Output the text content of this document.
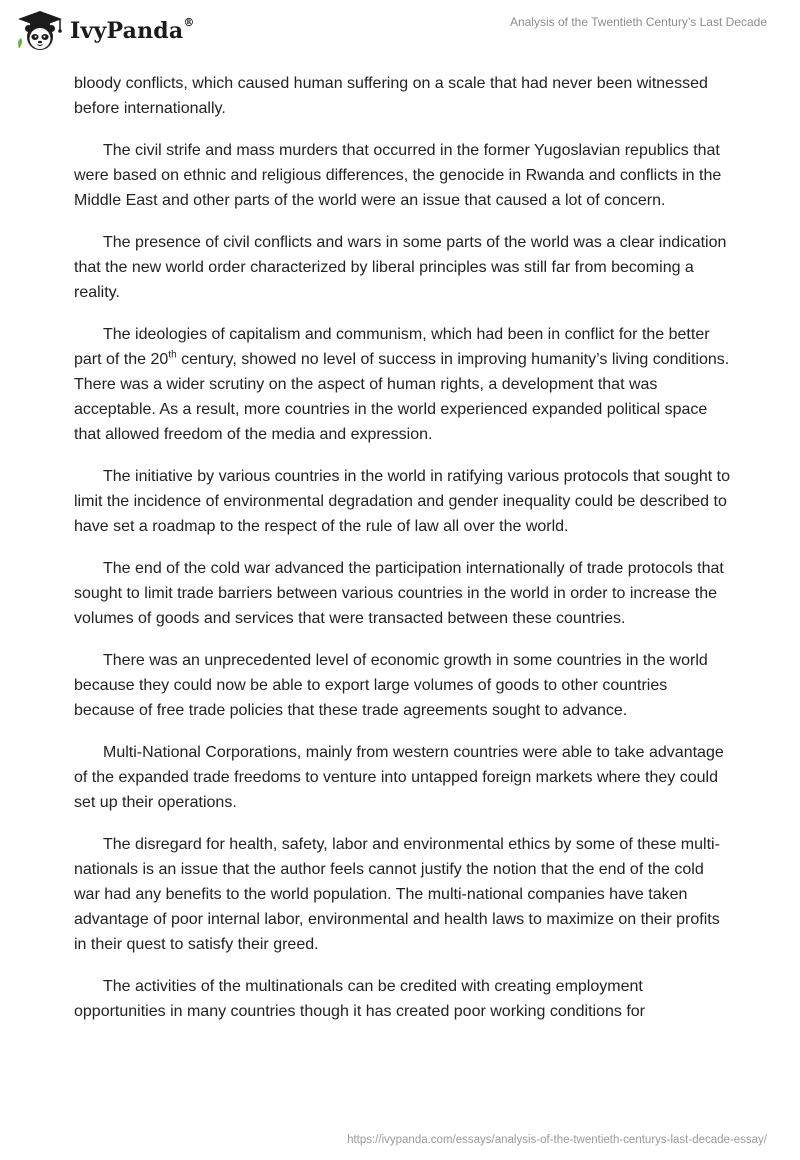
IvyPanda®	Analysis of the Twentieth Century’s Last Decade

bloody conflicts, which caused human suffering on a scale that had never been witnessed before internationally.

The civil strife and mass murders that occurred in the former Yugoslavian republics that were based on ethnic and religious differences, the genocide in Rwanda and conflicts in the Middle East and other parts of the world were an issue that caused a lot of concern.

The presence of civil conflicts and wars in some parts of the world was a clear indication that the new world order characterized by liberal principles was still far from becoming a reality.

The ideologies of capitalism and communism, which had been in conflict for the better part of the 20th century, showed no level of success in improving humanity’s living conditions. There was a wider scrutiny on the aspect of human rights, a development that was acceptable. As a result, more countries in the world experienced expanded political space that allowed freedom of the media and expression.

The initiative by various countries in the world in ratifying various protocols that sought to limit the incidence of environmental degradation and gender inequality could be described to have set a roadmap to the respect of the rule of law all over the world.

The end of the cold war advanced the participation internationally of trade protocols that sought to limit trade barriers between various countries in the world in order to increase the volumes of goods and services that were transacted between these countries.

There was an unprecedented level of economic growth in some countries in the world because they could now be able to export large volumes of goods to other countries because of free trade policies that these trade agreements sought to advance.

Multi-National Corporations, mainly from western countries were able to take advantage of the expanded trade freedoms to venture into untapped foreign markets where they could set up their operations.

The disregard for health, safety, labor and environmental ethics by some of these multi-nationals is an issue that the author feels cannot justify the notion that the end of the cold war had any benefits to the world population. The multi-national companies have taken advantage of poor internal labor, environmental and health laws to maximize on their profits in their quest to satisfy their greed.

The activities of the multinationals can be credited with creating employment opportunities in many countries though it has created poor working conditions for

https://ivypanda.com/essays/analysis-of-the-twentieth-centurys-last-decade-essay/
